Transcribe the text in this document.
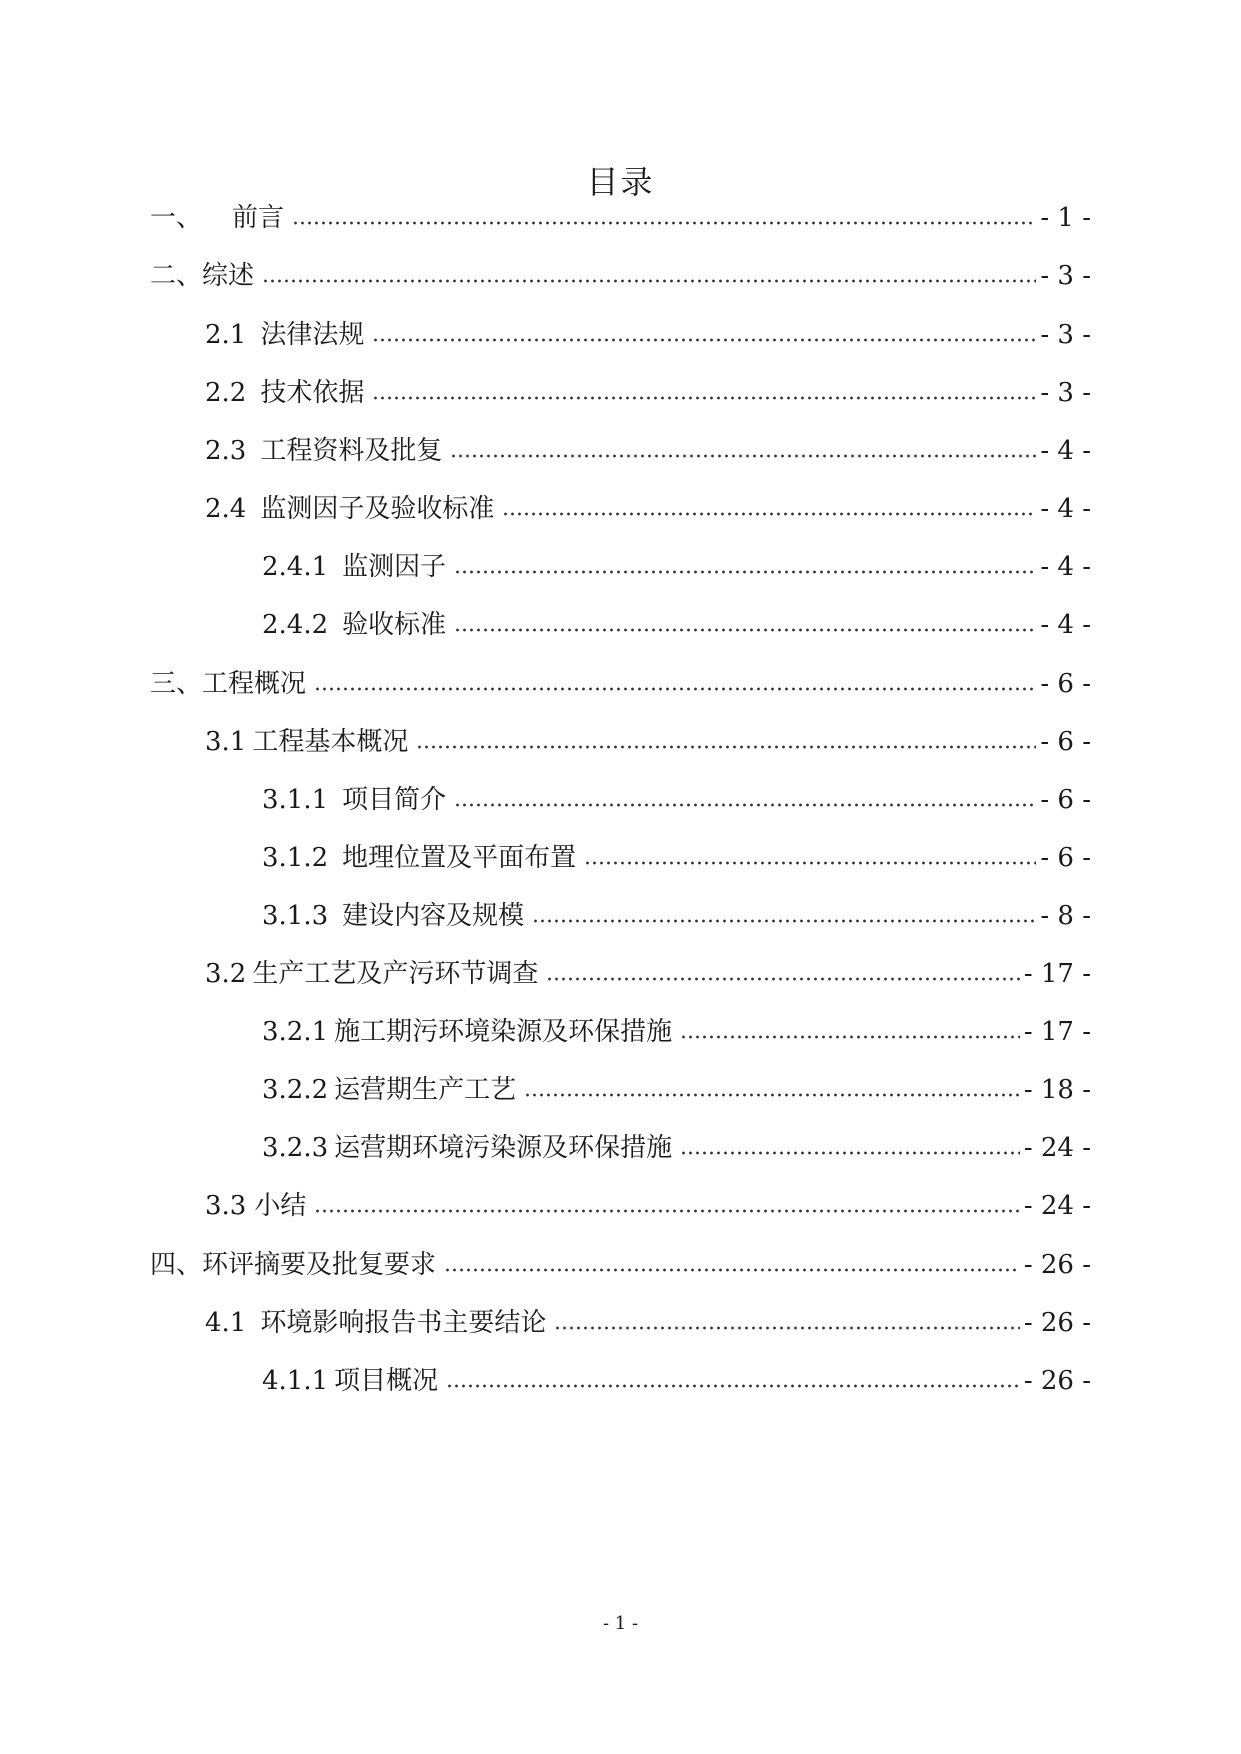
目录
一、 前言	- 1 -
二、 综述	- 3 -
2.1 法律法规	- 3 -
2.2 技术依据	- 3 -
2.3 工程资料及批复	- 4 -
2.4 监测因子及验收标准	- 4 -
2.4.1 监测因子	- 4 -
2.4.2 验收标准	- 4 -
三、 工程概况	- 6 -
3.1 工程基本概况	- 6 -
3.1.1 项目简介	- 6 -
3.1.2 地理位置及平面布置	- 6 -
3.1.3 建设内容及规模	- 8 -
3.2 生产工艺及产污环节调查	- 17 -
3.2.1 施工期污环境染源及环保措施	- 17 -
3.2.2 运营期生产工艺	- 18 -
3.2.3 运营期环境污染源及环保措施	- 24 -
3.3 小结	- 24 -
四、 环评摘要及批复要求	- 26 -
4.1 环境影响报告书主要结论	- 26 -
4.1.1 项目概况	- 26 -
- 1 -
